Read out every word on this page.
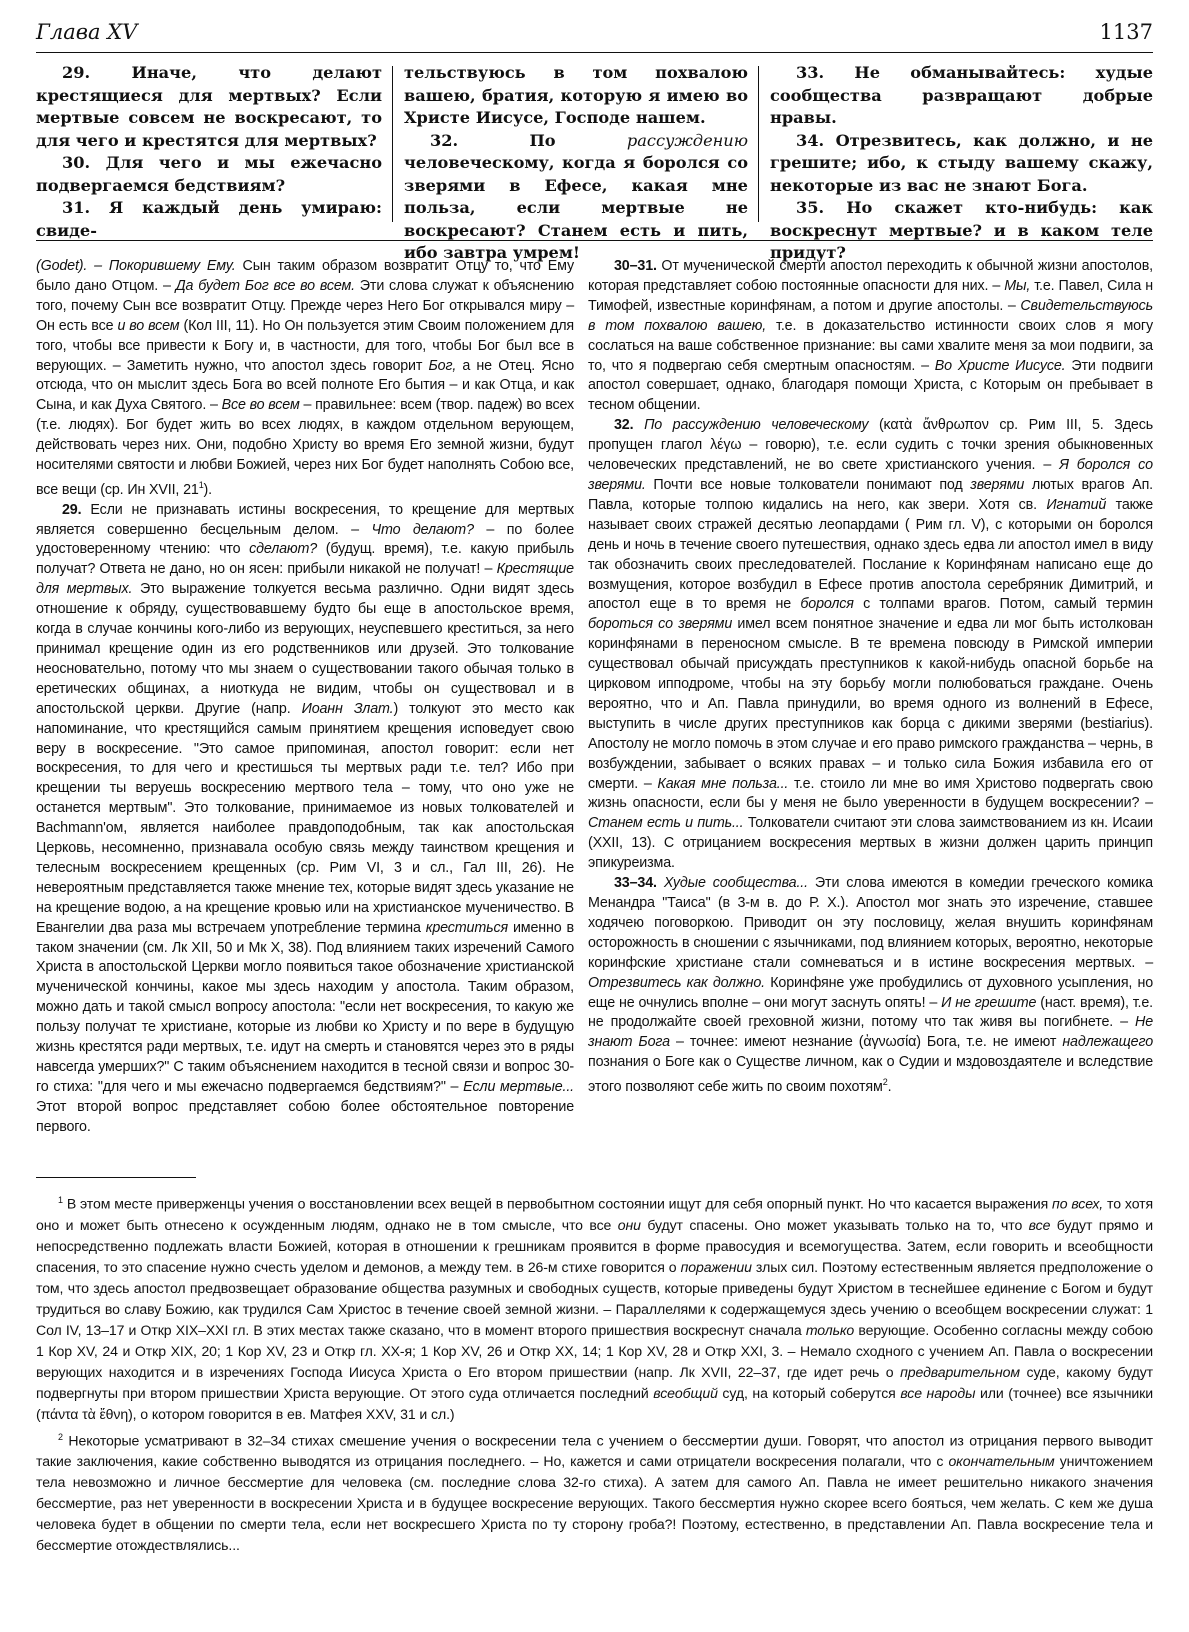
Глава XV	1137

29. Иначе, что делают крестящиеся для мертвых? Если мертвые совсем не воскресают, то для чего и крестятся для мертвых?

30. Для чего и мы ежечасно подвергаемся бедствиям?

31. Я каждый день умираю: свиде-

тельствуюсь в том похвалою вашею, братия, которую я имею во Христе Иисусе, Господе нашем.

32. По рассуждению человеческому, когда я боролся со зверями в Ефесе, какая мне польза, если мертвые не воскресают? Станем есть и пить, ибо завтра умрем!

33. Не обманывайтесь: худые сообщества развращают добрые нравы.

34. Отрезвитесь, как должно, и не грешите; ибо, к стыду вашему скажу, некоторые из вас не знают Бога.

35. Но скажет кто-нибудь: как воскреснут мертвые? и в каком теле придут?

(Godet). – Покорившему Ему. Сын таким образом возвратит Отцу то, что Ему было дано Отцом. – Да будет Бог все во всем. Эти слова служат к объяснению того, почему Сын все возвратит Отцу. Прежде через Него Бог открывался миру – Он есть все и во всем (Кол III, 11). Но Он пользуется этим Своим положением для того, чтобы все привести к Богу и, в частности, для того, чтобы Бог был все в верующих. – Заметить нужно, что апостол здесь говорит Бог, а не Отец. Ясно отсюда, что он мыслит здесь Бога во всей полноте Его бытия – и как Отца, и как Сына, и как Духа Святого. – Все во всем – правильнее: всем (твор. падеж) во всех (т.е. людях). Бог будет жить во всех людях, в каждом отдельном верующем, действовать через них. Они, подобно Христу во время Его земной жизни, будут носителями святости и любви Божией, через них Бог будет наполнять Собою все, все вещи (ср. Ин XVII, $21^1$).

29. Если не признавать истины воскресения, то крещение для мертвых является совершенно бесцельным делом. – Что делают? – по более удостоверенному чтению: что сделают? (будущ. время), т.е. какую прибыль получат? Ответа не дано, но он ясен: прибыли никакой не получат! – Крестящие для мертвых. Это выражение толкуется весьма различно. Одни видят здесь отношение к обряду, существовавшему будто бы еще в апостольское время, когда в случае кончины кого-либо из верующих, неуспевшего креститься, за него принимал крещение один из его родственников или друзей. Это толкование неосновательно, потому что мы знаем о существовании такого обычая только в еретических общинах, а ниоткуда не видим, чтобы он существовал и в апостольской церкви. Другие (напр. Иоанн Злат.) толкуют это место как напоминание, что крестящийся самым принятием крещения исповедует свою веру в воскресение. "Это самое припоминая, апостол говорит: если нет воскресения, то для чего и крестишься ты мертвых ради т.е. тел? Ибо при крещении ты веруешь воскресению мертвого тела – тому, что оно уже не останется мертвым". Это толкование, принимаемое из новых толкователей и Bachmann'ом, является наиболее правдоподобным, так как апостольская Церковь, несомненно, признавала особую связь между таинством крещения и телесным воскресением крещенных (ср. Рим VI, 3 и сл., Гал III, 26). Не невероятным представляется также мнение тех, которые видят здесь указание не на крещение водою, а на крещение кровью или на христианское мученичество. В Евангелии два раза мы встречаем употребление термина креститься именно в таком значении (см. Лк XII, 50 и Мк X, 38). Под влиянием таких изречений Самого Христа в апостольской Церкви могло появиться такое обозначение христианской мученической кончины, какое мы здесь находим у апостола. Таким образом, можно дать и такой смысл вопросу апостола: "если нет воскресения, то какую же пользу получат те христиане, которые из любви ко Христу и по вере в будущую жизнь крестятся ради мертвых, т.е. идут на смерть и становятся через это в ряды навсегда умерших?" С таким объяснением находится в тесной связи и вопрос 30-го стиха: "для чего и мы ежечасно подвергаемся бедствиям?" – Если мертвые... Этот второй вопрос представляет собою более обстоятельное повторение первого.

30–31. От мученической смерти апостол переходить к обычной жизни апостолов, которая представляет собою постоянные опасности для них. – Мы, т.е. Павел, Сила н Тимофей, известные коринфянам, а потом и другие апостолы. – Свидетельствуюсь в том похвалою вашею, т.е. в доказательство истинности своих слов я могу сослаться на ваше собственное признание: вы сами хвалите меня за мои подвиги, за то, что я подвергаю себя смертным опасностям. – Во Христе Иисусе. Эти подвиги апостол совершает, однако, благодаря помощи Христа, с Которым он пребывает в тесном общении.

32. По рассуждению человеческому (κατὰ ἄνθρωπον ср. Рим III, 5. Здесь пропущен глагол λέγω – говорю), т.е. если судить с точки зрения обыкновенных человеческих представлений, не во свете христианского учения. – Я боролся со зверями. Почти все новые толкователи понимают под зверями лютых врагов Ап. Павла, которые толпою кидались на него, как звери. Хотя св. Игнатий также называет своих стражей десятью леопардами ( Рим гл. V), с которыми он боролся день и ночь в течение своего путешествия, однако здесь едва ли апостол имел в виду так обозначить своих преследователей. Послание к Коринфянам написано еще до возмущения, которое возбудил в Ефесе против апостола серебряник Димитрий, и апостол еще в то время не боролся с толпами врагов. Потом, самый термин бороться со зверями имел всем понятное значение и едва ли мог быть истолкован коринфянами в переносном смысле. В те времена повсюду в Римской империи существовал обычай присуждать преступников к какой-нибудь опасной борьбе на цирковом ипподроме, чтобы на эту борьбу могли полюбоваться граждане. Очень вероятно, что и Ап. Павла принудили, во время одного из волнений в Ефесе, выступить в числе других преступников как борца с дикими зверями (bestiarius). Апостолу не могло помочь в этом случае и его право римского гражданства – чернь, в возбуждении, забывает о всяких правах – и только сила Божия избавила его от смерти. – Какая мне польза... т.е. стоило ли мне во имя Христово подвергать свою жизнь опасности, если бы у меня не было уверенности в будущем воскресении? – Станем есть и пить... Толкователи считают эти слова заимствованием из кн. Исаии (XXII, 13). С отрицанием воскресения мертвых в жизни должен царить принцип эпикуреизма.

33–34. Худые сообщества... Эти слова имеются в комедии греческого комика Менандра "Таиса" (в 3-м в. до Р. Х.). Апостол мог знать это изречение, ставшее ходячею поговоркою. Приводит он эту пословицу, желая внушить коринфянам осторожность в сношении с язычниками, под влиянием которых, вероятно, некоторые коринфские христиане стали сомневаться и в истине воскресения мертвых. – Отрезвитесь как должно. Коринфяне уже пробудились от духовного усыпления, но еще не очнулись вполне – они могут заснуть опять! – И не грешите (наст. время), т.е. не продолжайте своей греховной жизни, потому что так живя вы погибнете. – Не знают Бога – точнее: имеют незнание (ἀγνωσία) Бога, т.е. не имеют надлежащего познания о Боге как о Существе личном, как о Судии и мздовоздаятеле и вследствие этого позволяют себе жить по своим похотям$^2$.

$^1$ В этом месте приверженцы учения о восстановлении всех вещей в первобытном состоянии ищут для себя опорный пункт. Но что касается выражения по всех, то хотя оно и может быть отнесено к осужденным людям, однако не в том смысле, что все они будут спасены. Оно может указывать только на то, что все будут прямо и непосредственно подлежать власти Божией, которая в отношении к грешникам проявится в форме правосудия и всемогущества. Затем, если говорить и всеобщности спасения, то это спасение нужно счесть уделом и демонов, а между тем. в 26-м стихе говорится о поражении злых сил. Поэтому естественным является предположение о том, что здесь апостол предвозвещает образование общества разумных и свободных существ, которые приведены будут Христом в теснейшее единение с Богом и будут трудиться во славу Божию, как трудился Сам Христос в течение своей земной жизни. – Параллелями к содержащемуся здесь учению о всеобщем воскресении служат: 1 Сол IV, 13–17 и Откр XIX–XXI гл. В этих местах также сказано, что в момент второго пришествия воскреснут сначала только верующие. Особенно согласны между собою 1 Кор XV, 24 и Откр XIX, 20; 1 Кор XV, 23 и Откр гл. XX-я; 1 Кор XV, 26 и Откр XX, 14; 1 Кор XV, 28 и Откр XXI, 3. – Немало сходного с учением Ап. Павла о воскресении верующих находится и в изречениях Господа Иисуса Христа о Его втором пришествии (напр. Лк XVII, 22–37, где идет речь о предварительном суде, какому будут подвергнуты при втором пришествии Христа верующие. От этого суда отличается последний всеобщий суд, на который соберутся все народы или (точнее) все язычники (πάντα τὰ ἔθνη), о котором говорится в ев. Матфея XXV, 31 и сл.)

$^2$ Некоторые усматривают в 32–34 стихах смешение учения о воскресении тела с учением о бессмертии души. Говорят, что апостол из отрицания первого выводит такие заключения, какие собственно выводятся из отрицания последнего. – Но, кажется и сами отрицатели воскресения полагали, что с окончательным уничтожением тела невозможно и личное бессмертие для человека (см. последние слова 32-го стиха). А затем для самого Ап. Павла не имеет решительно никакого значения бессмертие, раз нет уверенности в воскресении Христа и в будущее воскресение верующих. Такого бессмертия нужно скорее всего бояться, чем желать. С кем же душа человека будет в общении по смерти тела, если нет воскресшего Христа по ту сторону гроба?! Поэтому, естественно, в представлении Ап. Павла воскресение тела и бессмертие отождествлялись...
